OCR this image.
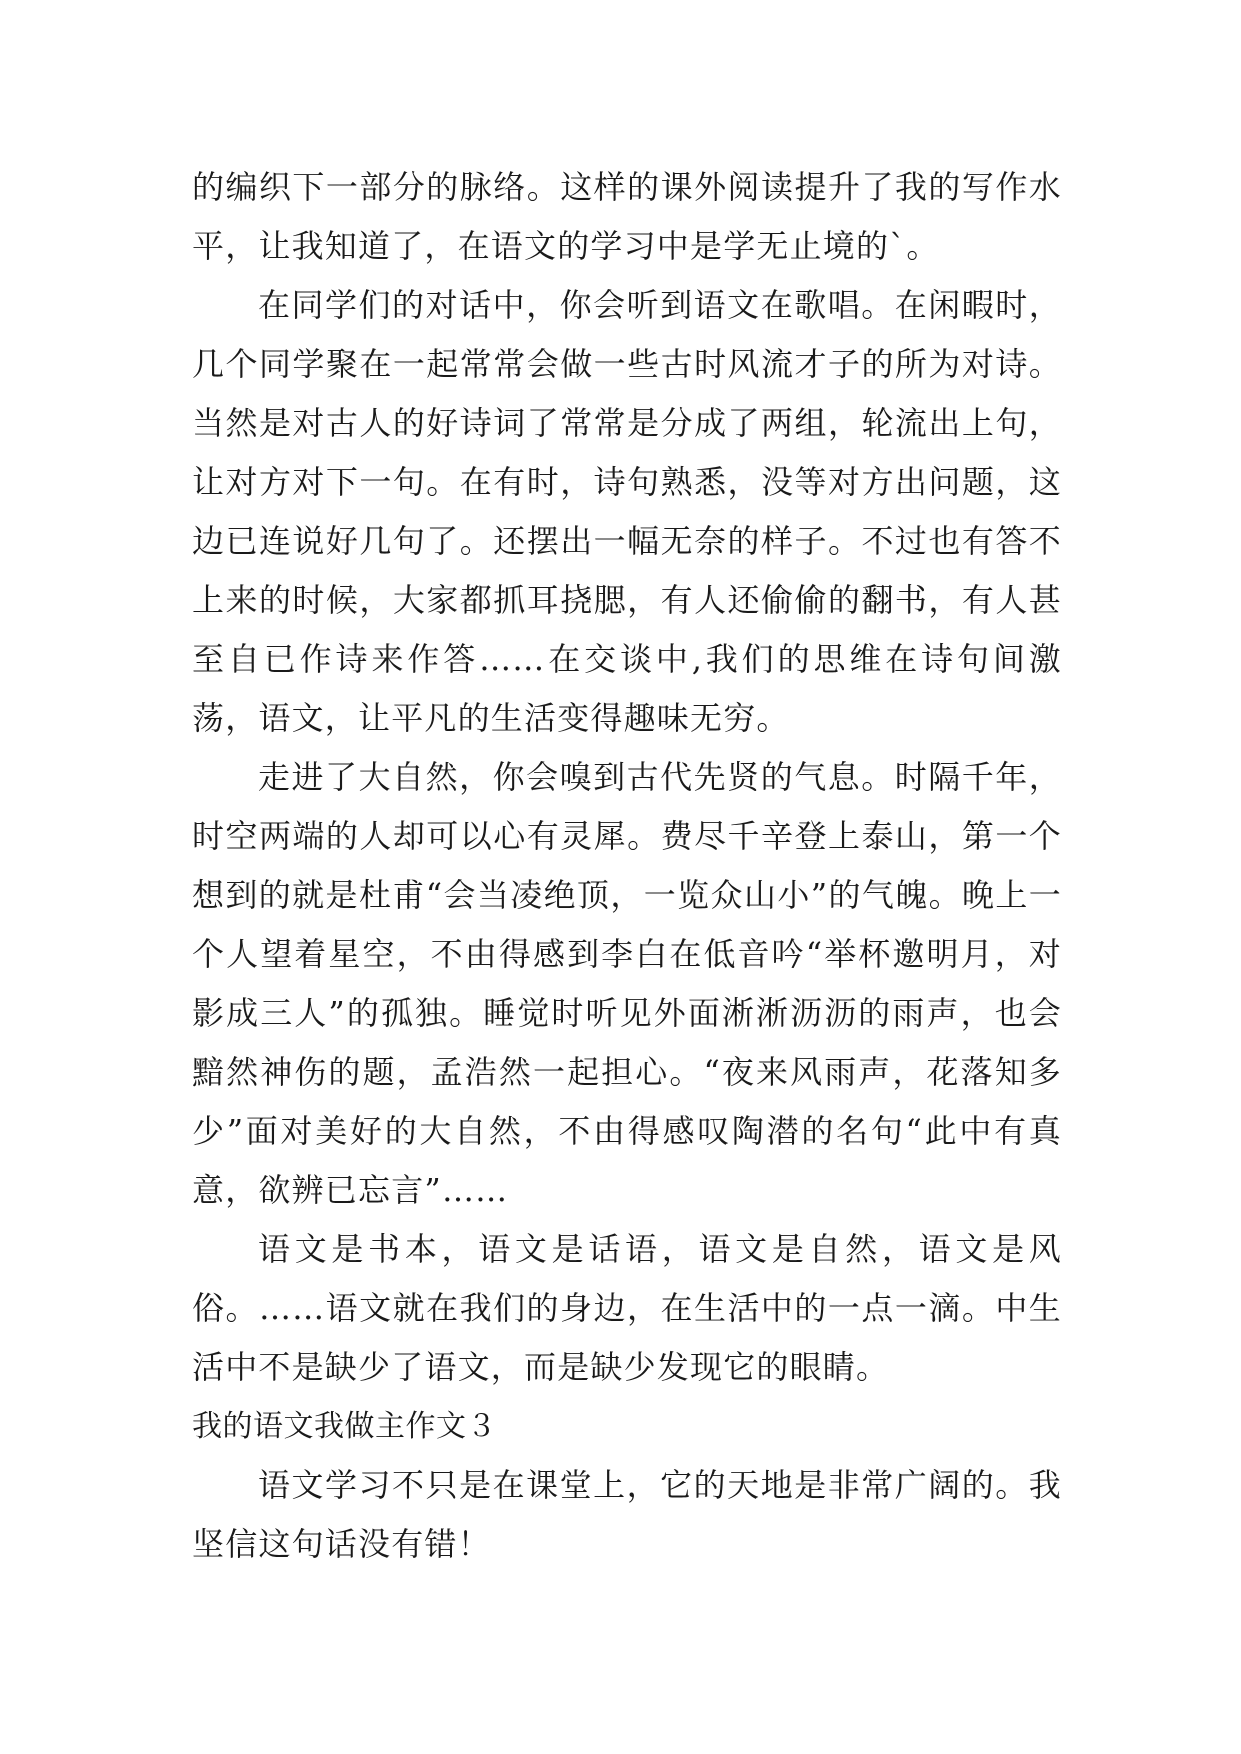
的编织下一部分的脉络。这样的课外阅读提升了我的写作水平，让我知道了，在语文的学习中是学无止境的`。

在同学们的对话中，你会听到语文在歌唱。在闲暇时，几个同学聚在一起常常会做一些古时风流才子的所为对诗。当然是对古人的好诗词了常常是分成了两组，轮流出上句，让对方对下一句。在有时，诗句熟悉，没等对方出问题，这边已连说好几句了。还摆出一幅无奈的样子。不过也有答不上来的时候，大家都抓耳挠腮，有人还偷偷的翻书，有人甚至自已作诗来作答……在交谈中,我们的思维在诗句间激荡，语文，让平凡的生活变得趣味无穷。

走进了大自然，你会嗅到古代先贤的气息。时隔千年，时空两端的人却可以心有灵犀。费尽千辛登上泰山，第一个想到的就是杜甫“会当凌绝顶，一览众山小”的气魄。晚上一个人望着星空，不由得感到李白在低音吟“举杯邀明月，对影成三人”的孤独。睡觉时听见外面淅淅沥沥的雨声，也会黯然神伤的题，孟浩然一起担心。“夜来风雨声，花落知多少”面对美好的大自然，不由得感叹陶潜的名句“此中有真意，欲辨已忘言”……

语文是书本，语文是话语，语文是自然，语文是风俗。……语文就在我们的身边，在生活中的一点一滴。中生活中不是缺少了语文，而是缺少发现它的眼睛。

我的语文我做主作文３

语文学习不只是在课堂上，它的天地是非常广阔的。我坚信这句话没有错！
